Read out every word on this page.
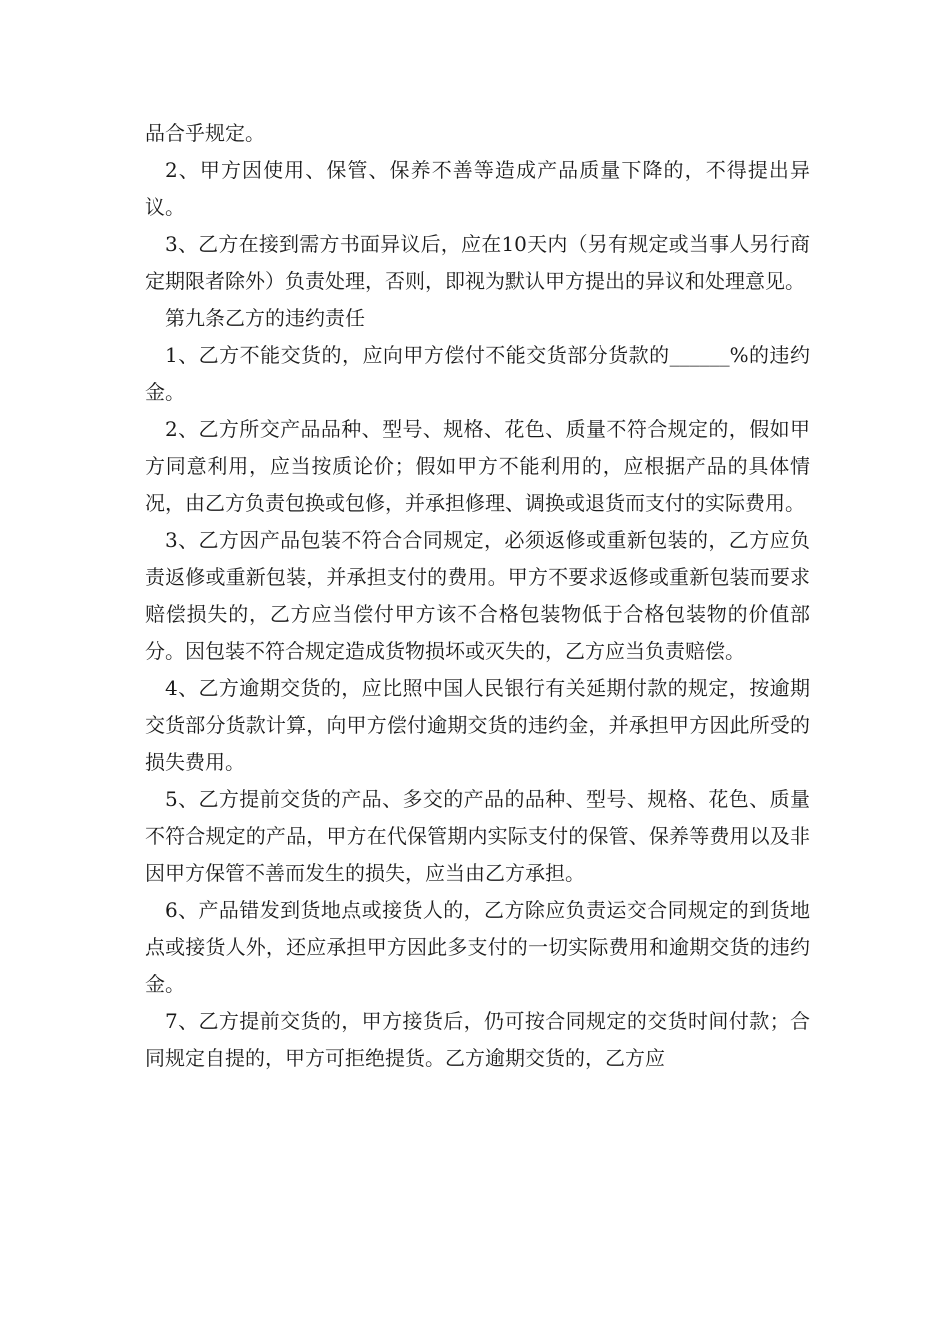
品合乎规定。

2、甲方因使用、保管、保养不善等造成产品质量下降的，不得提出异议。

3、乙方在接到需方书面异议后，应在10天内（另有规定或当事人另行商定期限者除外）负责处理，否则，即视为默认甲方提出的异议和处理意见。

第九条乙方的违约责任

1、乙方不能交货的，应向甲方偿付不能交货部分货款的______%的违约金。

2、乙方所交产品品种、型号、规格、花色、质量不符合规定的，假如甲方同意利用，应当按质论价；假如甲方不能利用的，应根据产品的具体情况，由乙方负责包换或包修，并承担修理、调换或退货而支付的实际费用。

3、乙方因产品包装不符合合同规定，必须返修或重新包装的，乙方应负责返修或重新包装，并承担支付的费用。甲方不要求返修或重新包装而要求赔偿损失的，乙方应当偿付甲方该不合格包装物低于合格包装物的价值部分。因包装不符合规定造成货物损坏或灭失的，乙方应当负责赔偿。

4、乙方逾期交货的，应比照中国人民银行有关延期付款的规定，按逾期交货部分货款计算，向甲方偿付逾期交货的违约金，并承担甲方因此所受的损失费用。

5、乙方提前交货的产品、多交的产品的品种、型号、规格、花色、质量不符合规定的产品，甲方在代保管期内实际支付的保管、保养等费用以及非因甲方保管不善而发生的损失，应当由乙方承担。

6、产品错发到货地点或接货人的，乙方除应负责运交合同规定的到货地点或接货人外，还应承担甲方因此多支付的一切实际费用和逾期交货的违约金。

7、乙方提前交货的，甲方接货后，仍可按合同规定的交货时间付款；合同规定自提的，甲方可拒绝提货。乙方逾期交货的，乙方应
